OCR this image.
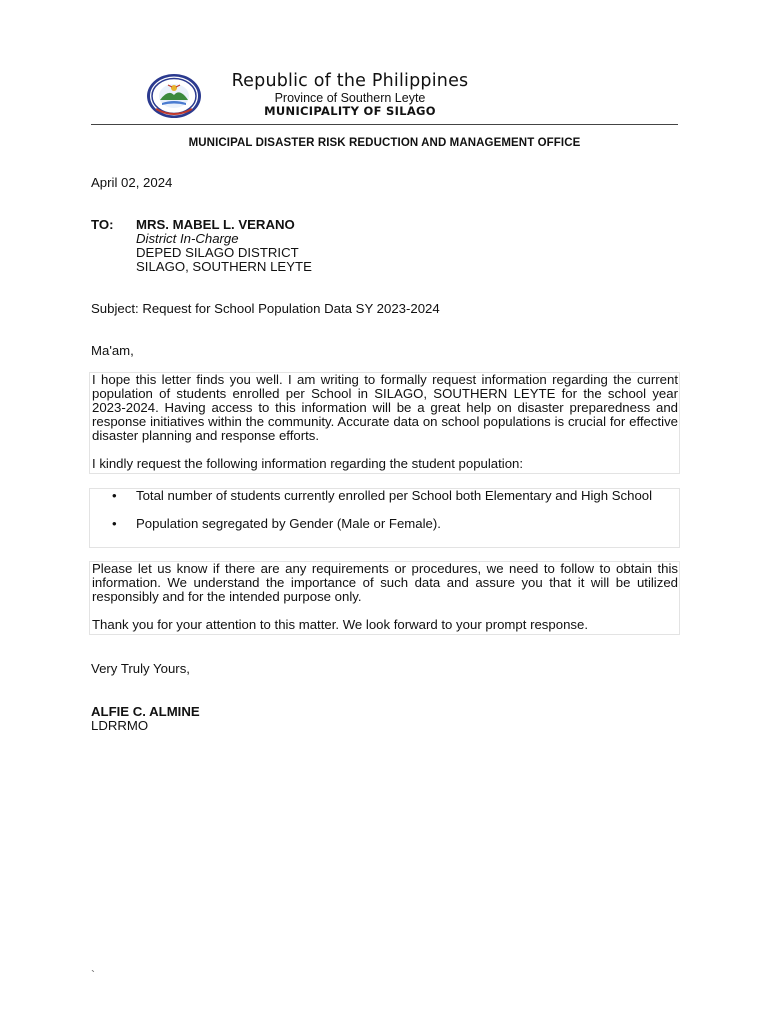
Republic of the Philippines
Province of Southern Leyte
MUNICIPALITY OF SILAGO
MUNICIPAL DISASTER RISK REDUCTION AND MANAGEMENT OFFICE
April 02, 2024
TO: MRS. MABEL L. VERANO
District In-Charge
DEPED SILAGO DISTRICT
SILAGO, SOUTHERN LEYTE
Subject: Request for School Population Data SY 2023-2024
Ma'am,
I hope this letter finds you well. I am writing to formally request information regarding the current population of students enrolled per School in SILAGO, SOUTHERN LEYTE for the school year 2023-2024. Having access to this information will be a great help on disaster preparedness and response initiatives within the community. Accurate data on school populations is crucial for effective disaster planning and response efforts.
I kindly request the following information regarding the student population:
• Total number of students currently enrolled per School both Elementary and High School
• Population segregated by Gender (Male or Female).
Please let us know if there are any requirements or procedures, we need to follow to obtain this information. We understand the importance of such data and assure you that it will be utilized responsibly and for the intended purpose only.
Thank you for your attention to this matter. We look forward to your prompt response.
Very Truly Yours,
ALFIE C. ALMINE
LDRRMO
`
